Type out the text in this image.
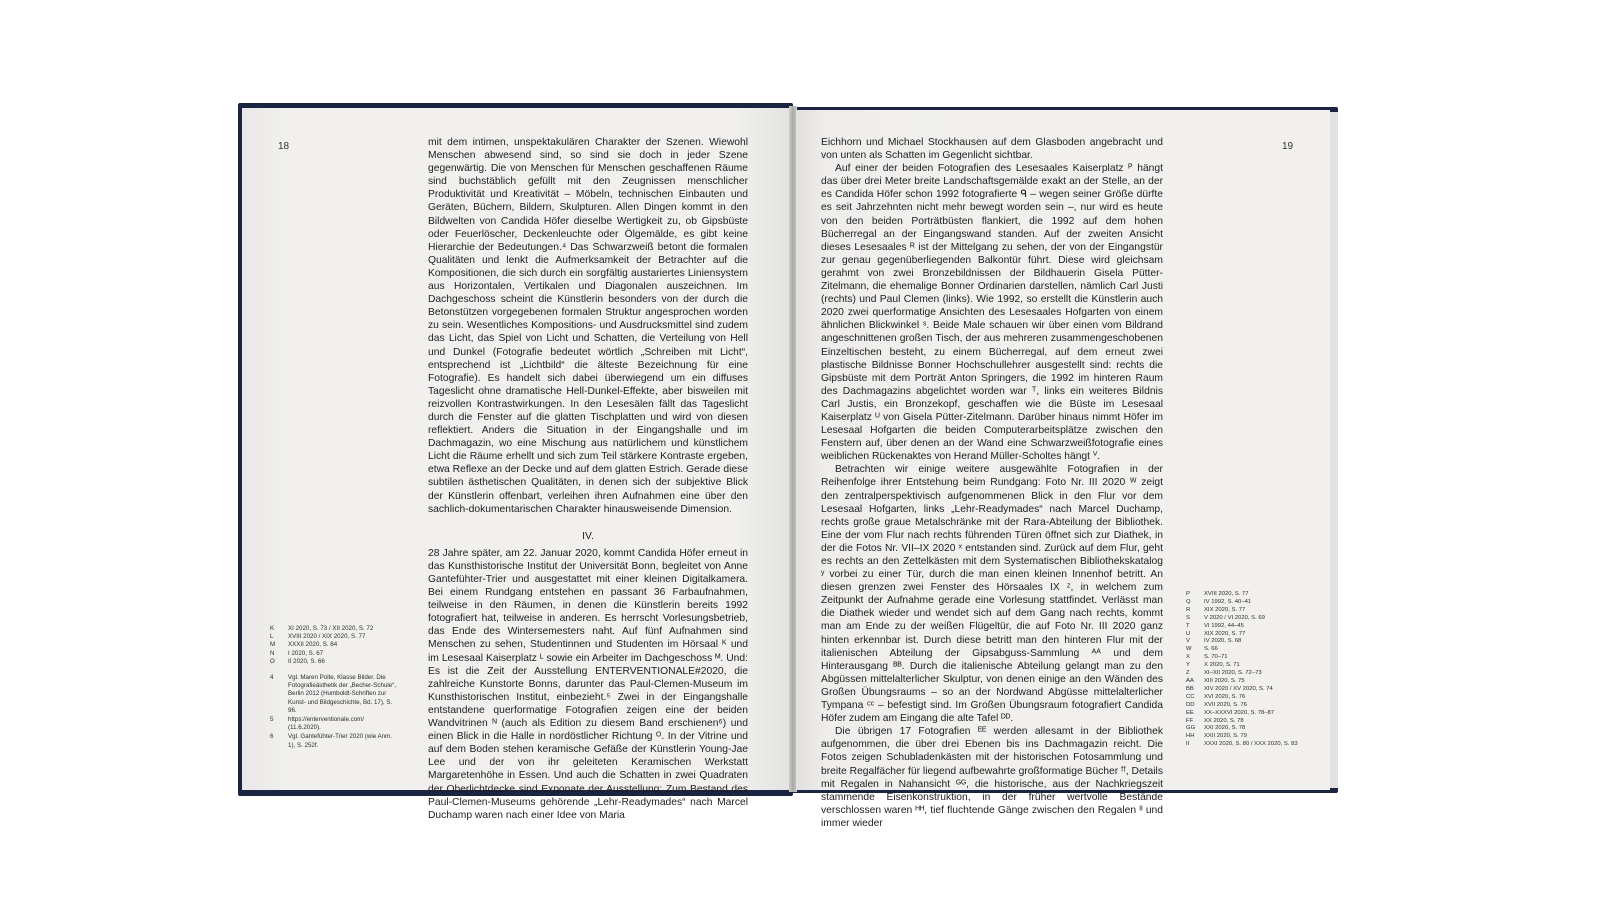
18	mit dem intimen, unspektakulären Charakter der Szenen. Wiewohl Menschen abwesend sind, so sind sie doch in jeder Szene gegenwärtig. Die von Menschen für Menschen geschaffenen Räume sind buchstäblich gefüllt mit den Zeugnissen menschlicher Produktivität und Kreativität – Möbeln, technischen Einbauten und Geräten, Büchern, Bildern, Skulpturen. Allen Dingen kommt in den Bildwelten von Candida Höfer dieselbe Wertigkeit zu, ob Gipsbüste oder Feuerlöscher, Deckenleuchte oder Ölgemälde, es gibt keine Hierarchie der Bedeutungen.⁴ Das Schwarzweiß betont die formalen Qualitäten und lenkt die Aufmerksamkeit der Betrachter auf die Kompositionen, die sich durch ein sorgfältig austariertes Liniensystem aus Horizontalen, Vertikalen und Diagonalen auszeichnen. Im Dachgeschoss scheint die Künstlerin besonders von der durch die Betonstützen vorgegebenen formalen Struktur angesprochen worden zu sein. Wesentliches Kompositions- und Ausdrucksmittel sind zudem das Licht, das Spiel von Licht und Schatten, die Verteilung von Hell und Dunkel (Fotografie bedeutet wörtlich „Schreiben mit Licht“, entsprechend ist „Lichtbild“ die älteste Bezeichnung für eine Fotografie). Es handelt sich dabei überwiegend um ein diffuses Tageslicht ohne dramatische Hell-Dunkel-Effekte, aber bisweilen mit reizvollen Kontrastwirkungen. In den Lesesälen fällt das Tageslicht durch die Fenster auf die glatten Tischplatten und wird von diesen reflektiert. Anders die Situation in der Eingangshalle und im Dachmagazin, wo eine Mischung aus natürlichem und künstlichem Licht die Räume erhellt und sich zum Teil stärkere Kontraste ergeben, etwa Reflexe an der Decke und auf dem glatten Estrich. Gerade diese subtilen ästhetischen Qualitäten, in denen sich der subjektive Blick der Künstlerin offenbart, verleihen ihren Aufnahmen eine über den sachlich-dokumentarischen Charakter hinausweisende Dimension.

IV.

28 Jahre später, am 22. Januar 2020, kommt Candida Höfer erneut in das Kunsthistorische Institut der Universität Bonn, begleitet von Anne Gantefühter-Trier und ausgestattet mit einer kleinen Digitalkamera. Bei einem Rundgang entstehen en passant 36 Farbaufnahmen, teilweise in den Räumen, in denen die Künstlerin bereits 1992 fotografiert hat, teilweise in anderen. Es herrscht Vorlesungsbetrieb, das Ende des Wintersemesters naht. Auf fünf Aufnahmen sind Menschen zu sehen, Studentinnen und Studenten im Hörsaal ᴷ und im Lesesaal Kaiserplatz ᴸ sowie ein Arbeiter im Dachgeschoss ᴹ. Und: Es ist die Zeit der Ausstellung ENTERVENTIONALE#2020, die zahlreiche Kunstorte Bonns, darunter das Paul-Clemen-Museum im Kunsthistorischen Institut, einbezieht.⁵ Zwei in der Eingangshalle entstandene querformatige Fotografien zeigen eine der beiden Wandvitrinen ᴺ (auch als Edition zu diesem Band erschienen⁶) und einen Blick in die Halle in nordöstlicher Richtung ᴼ. In der Vitrine und auf dem Boden stehen keramische Gefäße der Künstlerin Young-Jae Lee und der von ihr geleiteten Keramischen Werkstatt Margaretenhöhe in Essen. Und auch die Schatten in zwei Quadraten der Oberlichtdecke sind Exponate der Ausstellung: Zum Bestand des Paul-Clemen-Museums gehörende „Lehr-Readymades“ nach Marcel Duchamp waren nach einer Idee von Maria

K	XI 2020, S. 73 / XII 2020, S. 72
L	XVIII 2020 / XIX 2020, S. 77
M	XXXII 2020, S. 84
N	I 2020, S. 67
O	II 2020, S. 66
4	Vgl. Maren Polte, Klasse Bilder. Die Fotografieästhetik der „Becher-Schule“, Berlin 2012 (Humboldt-Schriften zur Kunst- und Bildgeschichte, Bd. 17), S. 96.
5	https://enterventionale.com/ (11.6.2020).
6	Vgl. Gantefühter-Trier 2020 (wie Anm. 1), S. 252f.
19

Eichhorn und Michael Stockhausen auf dem Glasboden angebracht und von unten als Schatten im Gegenlicht sichtbar.

Auf einer der beiden Fotografien des Lesesaales Kaiserplatz ᴾ hängt das über drei Meter breite Landschaftsgemälde exakt an der Stelle, an der es Candida Höfer schon 1992 fotografierte ᑫ – wegen seiner Größe dürfte es seit Jahrzehnten nicht mehr bewegt worden sein –, nur wird es heute von den beiden Porträtbüsten flankiert, die 1992 auf dem hohen Bücherregal an der Eingangswand standen. Auf der zweiten Ansicht dieses Lesesaales ᴿ ist der Mittelgang zu sehen, der von der Eingangstür zur genau gegenüberliegenden Balkontür führt. Diese wird gleichsam gerahmt von zwei Bronzebildnissen der Bildhauerin Gisela Pütter-Zitelmann, die ehemalige Bonner Ordinarien darstellen, nämlich Carl Justi (rechts) und Paul Clemen (links). Wie 1992, so erstellt die Künstlerin auch 2020 zwei querformatige Ansichten des Lesesaales Hofgarten von einem ähnlichen Blickwinkel ˢ. Beide Male schauen wir über einen vom Bildrand angeschnittenen großen Tisch, der aus mehreren zusammengeschobenen Einzeltischen besteht, zu einem Bücherregal, auf dem erneut zwei plastische Bildnisse Bonner Hochschullehrer ausgestellt sind: rechts die Gipsbüste mit dem Porträt Anton Springers, die 1992 im hinteren Raum des Dachmagazins abgelichtet worden war ᵀ, links ein weiteres Bildnis Carl Justis, ein Bronzekopf, geschaffen wie die Büste im Lesesaal Kaiserplatz ᵁ von Gisela Pütter-Zitelmann. Darüber hinaus nimmt Höfer im Lesesaal Hofgarten die beiden Computerarbeitsplätze zwischen den Fenstern auf, über denen an der Wand eine Schwarzweißfotografie eines weiblichen Rückenaktes von Herand Müller-Scholtes hängt ⱽ.

Betrachten wir einige weitere ausgewählte Fotografien in der Reihenfolge ihrer Entstehung beim Rundgang: Foto Nr. III 2020 ᵂ zeigt den zentralperspektivisch aufgenommenen Blick in den Flur vor dem Lesesaal Hofgarten, links „Lehr-Readymades“ nach Marcel Duchamp, rechts große graue Metalschränke mit der Rara-Abteilung der Bibliothek. Eine der vom Flur nach rechts führenden Türen öffnet sich zur Diathek, in der die Fotos Nr. VII–IX 2020 ˣ entstanden sind. Zurück auf dem Flur, geht es rechts an den Zettelkästen mit dem Systematischen Bibliothekskatalog ʸ vorbei zu einer Tür, durch die man einen kleinen Innenhof betritt. An diesen grenzen zwei Fenster des Hörsaales IX ᶻ, in welchem zum Zeitpunkt der Aufnahme gerade eine Vorlesung stattfindet. Verlässt man die Diathek wieder und wendet sich auf dem Gang nach rechts, kommt man am Ende zu der weißen Flügeltür, die auf Foto Nr. III 2020 ganz hinten erkennbar ist. Durch diese betritt man den hinteren Flur mit der italienischen Abteilung der Gipsabguss-Sammlung ᴬᴬ und dem Hinterausgang ᴮᴮ. Durch die italienische Abteilung gelangt man zu den Abgüssen mittelalterlicher Skulptur, von denen einige an den Wänden des Großen Übungsraums – so an der Nordwand Abgüsse mittelalterlicher Tympana ᶜᶜ – befestigt sind. Im Großen Übungsraum fotografiert Candida Höfer zudem am Eingang die alte Tafel ᴰᴰ.

Die übrigen 17 Fotografien ᴱᴱ werden allesamt in der Bibliothek aufgenommen, die über drei Ebenen bis ins Dachmagazin reicht. Die Fotos zeigen Schubladenkästen mit der historischen Fotosammlung und breite Regalfächer für liegend aufbewahrte großformatige Bücher ᶠᶠ, Details mit Regalen in Nahansicht ᴳᴳ, die historische, aus der Nachkriegszeit stammende Eisenkonstruktion, in der früher wertvolle Bestände verschlossen waren ᴴᴴ, tief fluchtende Gänge zwischen den Regalen ᴵᴵ und immer wieder

P	XVIII 2020, S. 77
Q	IV 1992, S. 40–41
R	XIX 2020, S. 77
S	V 2020 / VI 2020, S. 69
T	VI 1992, 44–45
U	XIX 2020, S. 77
V	IV 2020, S. 68
W	S. 66
X	S. 70–71
Y	X 2020, S. 71
Z	XI–XII 2020, S. 72–73
AA	XIII 2020, S. 75
BB	XIV 2020 / XV 2020, S. 74
CC	XVI 2020, S. 76
DD	XVII 2020, S. 76
EE	XX–XXXVI 2020, S. 78–87
FF	XX 2020, S. 78
GG	XXI 2020, S. 78
HH	XXII 2020, S. 79
II	XXXI 2020, S. 80 / XXX 2020, S. 83
